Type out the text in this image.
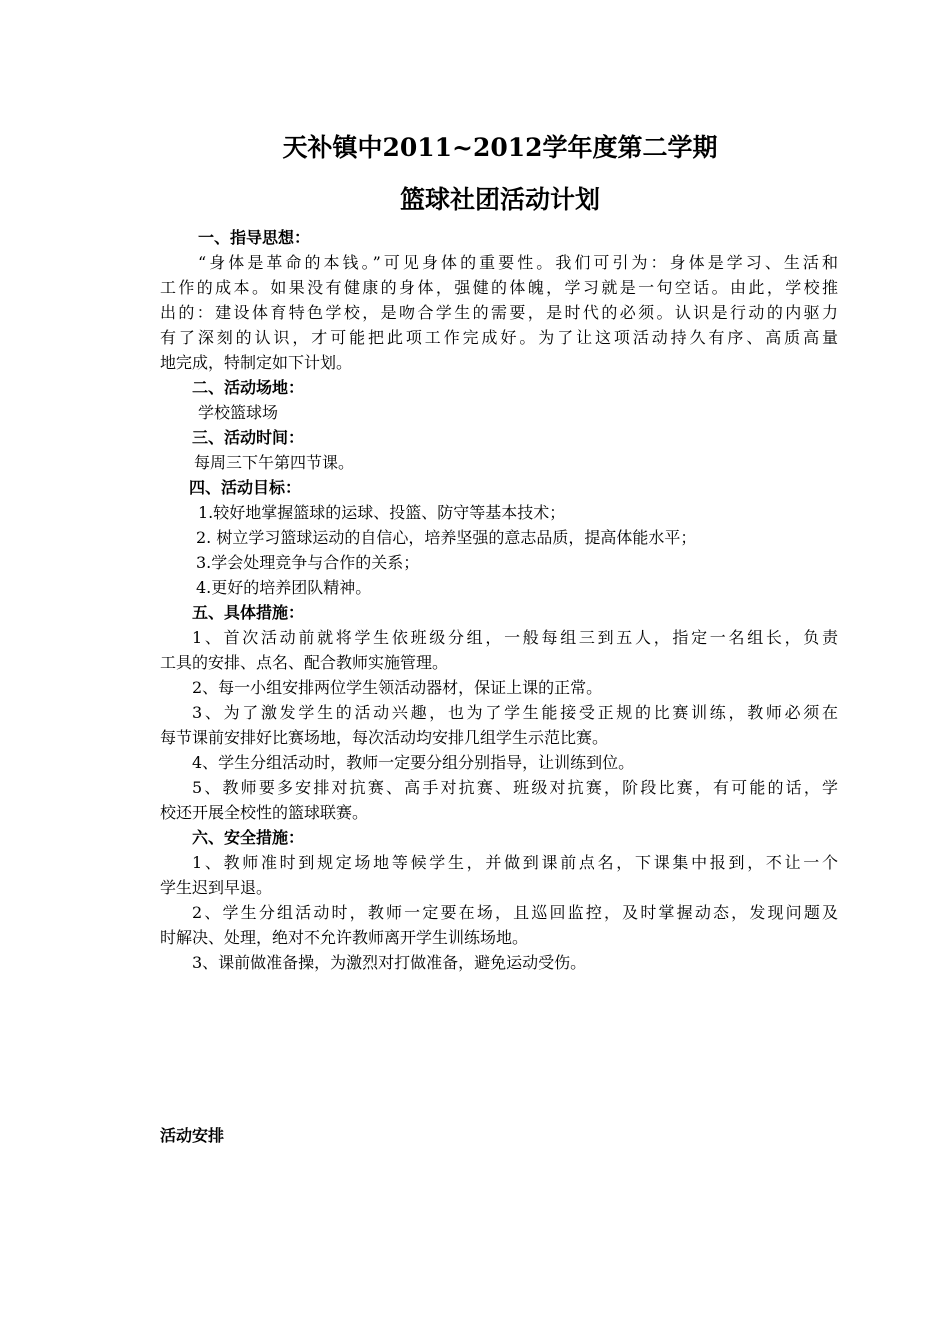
天补镇中2011~2012学年度第二学期
篮球社团活动计划
一、指导思想：
“身体是革命的本钱。”可见身体的重要性。我们可引为：身体是学习、生活和
工作的成本。如果没有健康的身体，强健的体魄，学习就是一句空话。由此，学校推
出的：建设体育特色学校，是吻合学生的需要，是时代的必须。认识是行动的内驱力
有了深刻的认识，才可能把此项工作完成好。为了让这项活动持久有序、高质高量
地完成，特制定如下计划。
二、活动场地：
学校篮球场
三、活动时间：
每周三下午第四节课。
四、活动目标：
1.较好地掌握篮球的运球、投篮、防守等基本技术；
2. 树立学习篮球运动的自信心，培养坚强的意志品质，提高体能水平；
3.学会处理竞争与合作的关系；
4.更好的培养团队精神。
五、具体措施：
1、首次活动前就将学生依班级分组，一般每组三到五人，指定一名组长，负责
工具的安排、点名、配合教师实施管理。
2、每一小组安排两位学生领活动器材，保证上课的正常。
3、为了激发学生的活动兴趣，也为了学生能接受正规的比赛训练，教师必须在
每节课前安排好比赛场地，每次活动均安排几组学生示范比赛。
4、学生分组活动时，教师一定要分组分别指导，让训练到位。
5、教师要多安排对抗赛、高手对抗赛、班级对抗赛，阶段比赛，有可能的话，学
校还开展全校性的篮球联赛。
六、安全措施：
1、教师准时到规定场地等候学生，并做到课前点名，下课集中报到，不让一个
学生迟到早退。
2、学生分组活动时，教师一定要在场，且巡回监控，及时掌握动态，发现问题及
时解决、处理，绝对不允许教师离开学生训练场地。
3、课前做准备操，为激烈对打做准备，避免运动受伤。
活动安排
